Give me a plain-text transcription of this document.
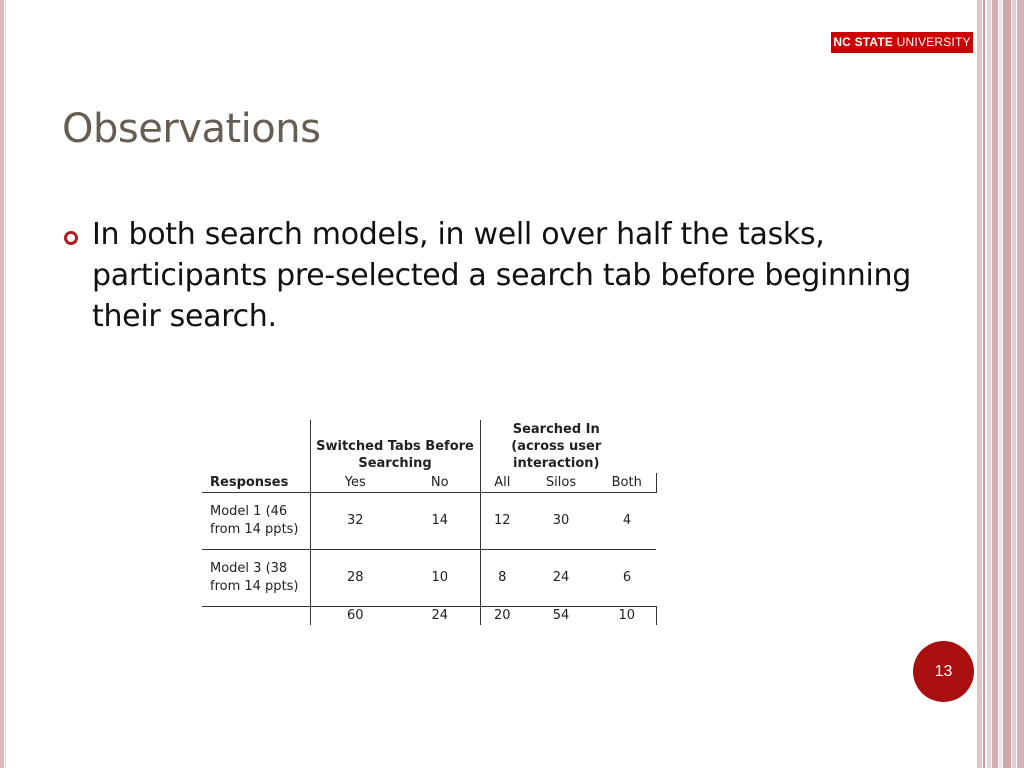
NC STATE UNIVERSITY
Observations

In both search models, in well over half the tasks, participants pre-selected a search tab before beginning their search.

	Switched Tabs Before Searching		Searched In (across user interaction)		
Responses	Yes	No	All	Silos	Both
Model 1 (46 from 14 ppts)	32	14	12	30	4
Model 3 (38 from 14 ppts)	28	10	8	24	6
	60	24	20	54	10
13
